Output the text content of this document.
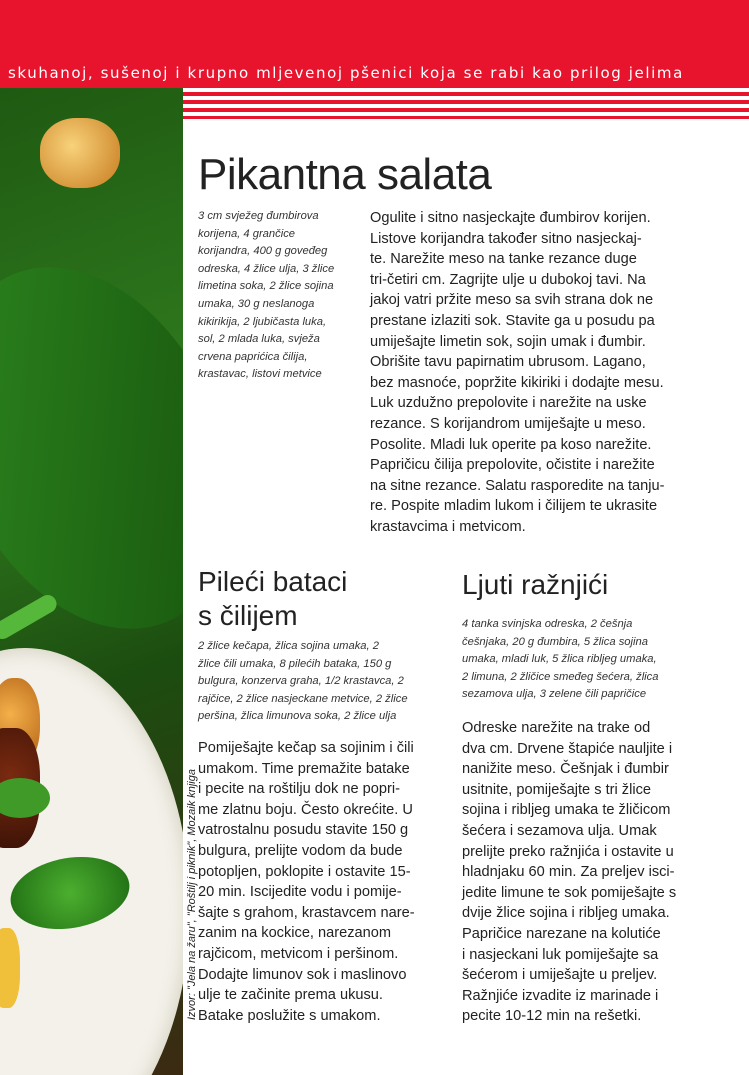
skuhanoj, sušenoj i krupno mljevenoj pšenici koja se rabi kao prilog jelima
Izvor: "Jela na žaru", "Roštilj i piknik", Mozaik knjiga
Pikantna salata
3 cm svježeg đumbirova
korijena, 4 grančice
korijandra, 400 g goveđeg
odreska, 4 žlice ulja, 3 žlice
limetina soka, 2 žlice sojina
umaka, 30 g neslanoga
kikirikija, 2 ljubičasta luka,
sol, 2 mlada luka, svježa
crvena paprićica čilija,
krastavac, listovi metvice
Ogulite i sitno nasjeckajte đumbirov korijen.
Listove korijandra također sitno nasjeckaj-
te. Narežite meso na tanke rezance duge
tri-četiri cm. Zagrijte ulje u dubokoj tavi. Na
jakoj vatri pržite meso sa svih strana dok ne
prestane izlaziti sok. Stavite ga u posudu pa
umiješajte limetin sok, sojin umak i đumbir.
Obrišite tavu papirnatim ubrusom. Lagano,
bez masnoće, popržite kikiriki i dodajte mesu.
Luk uzdužno prepolovite i narežite na uske
rezance. S korijandrom umiješajte u meso.
Posolite. Mladi luk operite pa koso narežite.
Papričicu čilija prepolovite, očistite i narežite
na sitne rezance. Salatu rasporedite na tanju-
re. Pospite mladim lukom i čilijem te ukrasite
krastavcima i metvicom.
Pileći bataci
s čilijem
2 žlice kečapa, žlica sojina umaka, 2
žlice čili umaka, 8 pilećih bataka, 150 g
bulgura, konzerva graha, 1/2 krastavca, 2
rajčice, 2 žlice nasjeckane metvice, 2 žlice
peršina, žlica limunova soka, 2 žlice ulja
Pomiješajte kečap sa sojinim i čili
umakom. Time premažite batake
i pecite na roštilju dok ne popri-
me zlatnu boju. Često okrećite. U
vatrostalnu posudu stavite 150 g
bulgura, prelijte vodom da bude
potopljen, poklopite i ostavite 15-
20 min. Iscijedite vodu i pomije-
šajte s grahom, krastavcem nare-
zanim na kockice, narezanom
rajčicom, metvicom i peršinom.
Dodajte limunov sok i maslinovo
ulje te začinite prema ukusu.
Batake poslužite s umakom.
Ljuti ražnjići
4 tanka svinjska odreska, 2 češnja
češnjaka, 20 g đumbira, 5 žlica sojina
umaka, mladi luk, 5 žlica ribljeg umaka,
2 limuna, 2 žličice smeđeg šećera, žlica
sezamova ulja, 3 zelene čili papričice
Odreske narežite na trake od
dva cm. Drvene štapiće nauljite i
nanižite meso. Češnjak i đumbir
usitnite, pomiješajte s tri žlice
sojina i ribljeg umaka te žličicom
šećera i sezamova ulja. Umak
prelijte preko ražnjića i ostavite u
hladnjaku 60 min. Za preljev isci-
jedite limune te sok pomiješajte s
dvije žlice sojina i ribljeg umaka.
Papričice narezane na kolutiće
i nasjeckani luk pomiješajte sa
šećerom i umiješajte u preljev.
Ražnjiće izvadite iz marinade i
pecite 10-12 min na rešetki.
